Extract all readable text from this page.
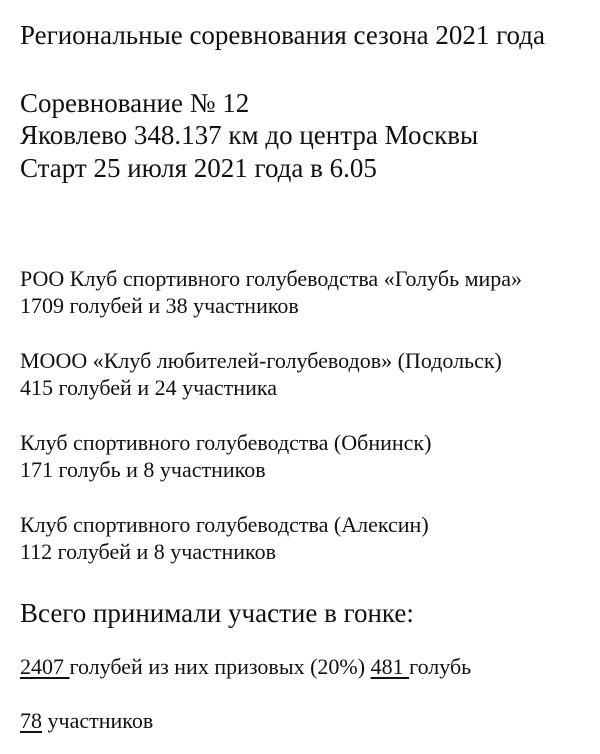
Региональные соревнования сезона 2021 года
Соревнование № 12
Яковлево 348.137 км до центра Москвы
Старт 25 июля 2021 года в 6.05
РОО Клуб спортивного голубеводства «Голубь мира»
1709 голубей и 38 участников
МООО «Клуб любителей-голубеводов» (Подольск)
415 голубей и 24 участника
Клуб спортивного голубеводства (Обнинск)
171 голубь и 8 участников
Клуб спортивного голубеводства (Алексин)
112 голубей и 8 участников
Всего принимали участие в гонке:
2407 голубей из них призовых (20%) 481 голубь
78 участников
